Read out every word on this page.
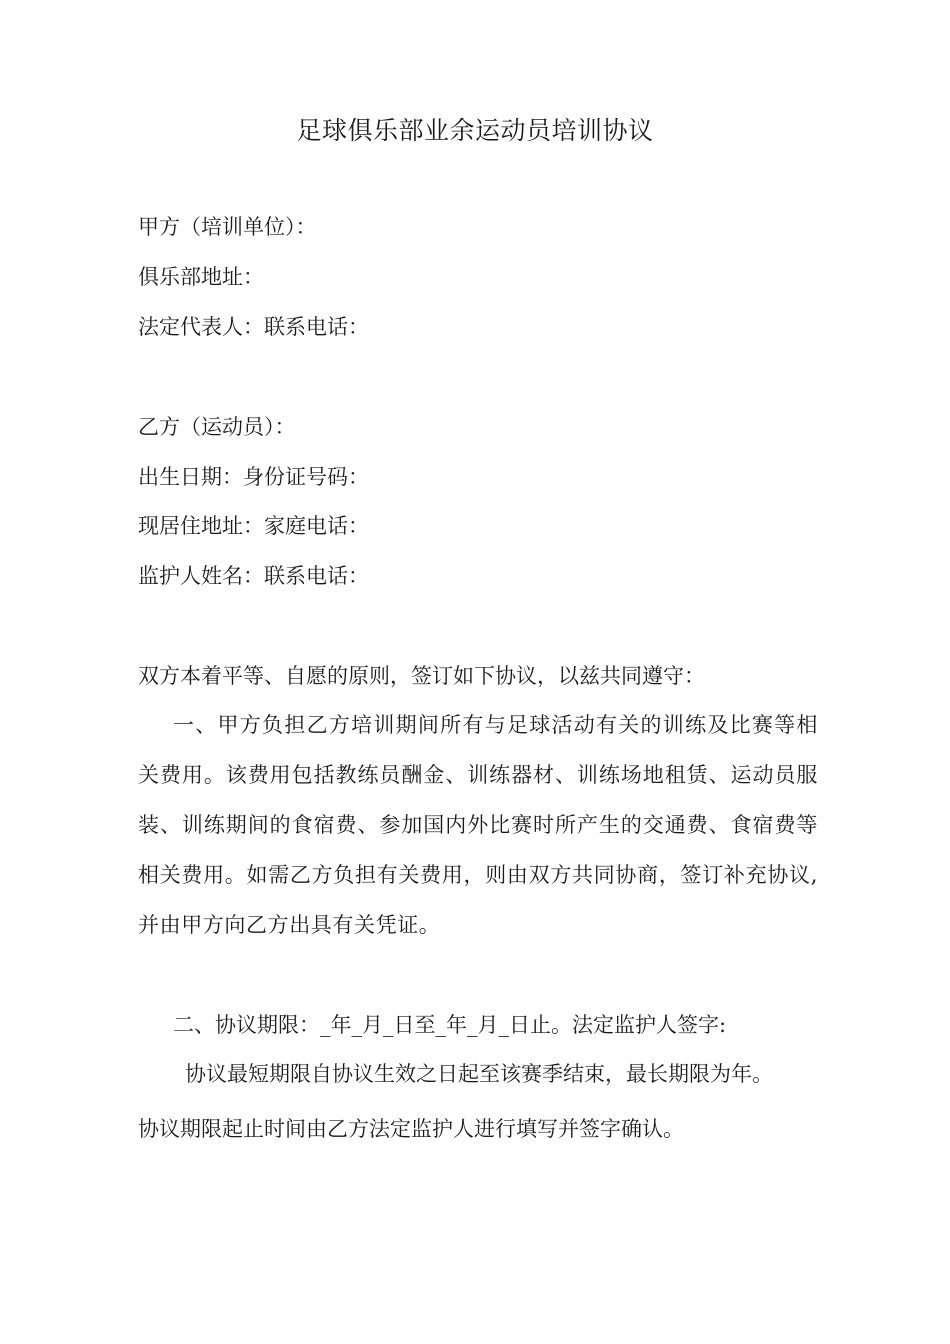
足球俱乐部业余运动员培训协议
甲方（培训单位）：
俱乐部地址：
法定代表人：联系电话：
乙方（运动员）：
出生日期：身份证号码：
现居住地址：家庭电话：
监护人姓名：联系电话：
双方本着平等、自愿的原则，签订如下协议，以兹共同遵守：
一、甲方负担乙方培训期间所有与足球活动有关的训练及比赛等相关费用。该费用包括教练员酬金、训练器材、训练场地租赁、运动员服装、训练期间的食宿费、参加国内外比赛时所产生的交通费、食宿费等相关费用。如需乙方负担有关费用，则由双方共同协商，签订补充协议,并由甲方向乙方出具有关凭证。
二、协议期限：_年_月_日至_年_月_日止。法定监护人签字:
协议最短期限自协议生效之日起至该赛季结束，最长期限为年。
协议期限起止时间由乙方法定监护人进行填写并签字确认。
